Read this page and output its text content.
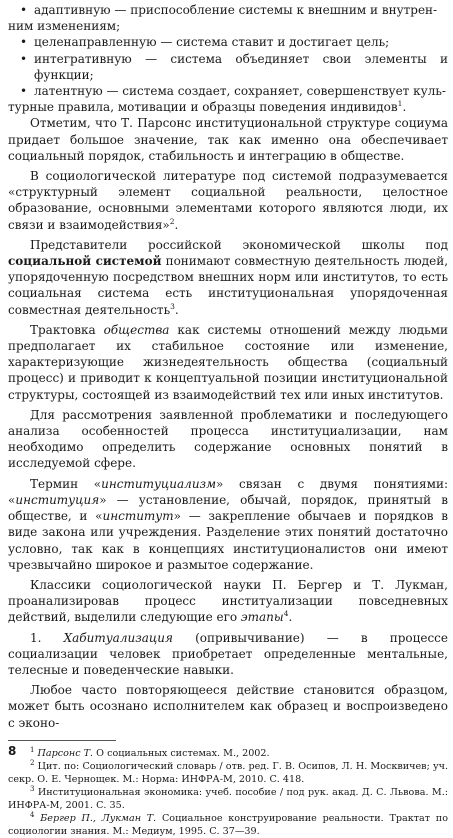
• адаптивную — приспособление системы к внешним и внутрен-
ним изменениям;
• целенаправленную — система ставит и достигает цель;
• интегративную — система объединяет свои элементы и функции;
• латентную — система создает, сохраняет, совершенствует куль-
турные правила, мотивации и образцы поведения индивидов$^1$.

Отметим, что Т. Парсонс институциональной структуре социума придает большое значение, так как именно она обеспечивает социальный порядок, стабильность и интеграцию в обществе.

В социологической литературе под системой подразумевается «структурный элемент социальной реальности, целостное образование, основными элементами которого являются люди, их связи и взаимодействия»$^2$.

Представители российской экономической школы под социальной системой понимают совместную деятельность людей, упорядоченную посредством внешних норм или институтов, то есть социальная система есть институциональная упорядоченная совместная деятельность$^3$.

Трактовка общества как системы отношений между людьми предполагает их стабильное состояние или изменение, характеризующие жизнедеятельность общества (социальный процесс) и приводит к концептуальной позиции институциональной структуры, состоящей из взаимодействий тех или иных институтов.

Для рассмотрения заявленной проблематики и последующего анализа особенностей процесса институциализации, нам необходимо определить содержание основных понятий в исследуемой сфере.

Термин «институциализм» связан с двумя понятиями: «институция» — установление, обычай, порядок, принятый в обществе, и «институт» — закрепление обычаев и порядков в виде закона или учреждения. Разделение этих понятий достаточно условно, так как в концепциях институционалистов они имеют чрезвычайно широкое и размытое содержание.

Классики социологической науки П. Бергер и Т. Лукман, проанализировав процесс институализации повседневных действий, выделили следующие его этапы$^4$.

1. Хабитуализация (опривычивание) — в процессе социализации человек приобретает определенные ментальные, телесные и поведенческие навыки.

Любое часто повторяющееся действие становится образцом, может быть осознано исполнителем как образец и воспроизведено с эконо-

$^1$ Парсонс Т. О социальных системах. М., 2002.

$^2$ Цит. по: Социологический словарь / отв. ред. Г. В. Осипов, Л. Н. Москвичев; уч. секр. О. Е. Чернощек. М.: Норма: ИНФРА-М, 2010. С. 418.

$^3$ Институциональная экономика: учеб. пособие / под рук. акад. Д. С. Львова. М.: ИНФРА-М, 2001. С. 35.

$^4$ Бергер П., Лукман Т. Социальное конструирование реальности. Трактат по социологии знания. М.: Медиум, 1995. С. 37—39.

8
